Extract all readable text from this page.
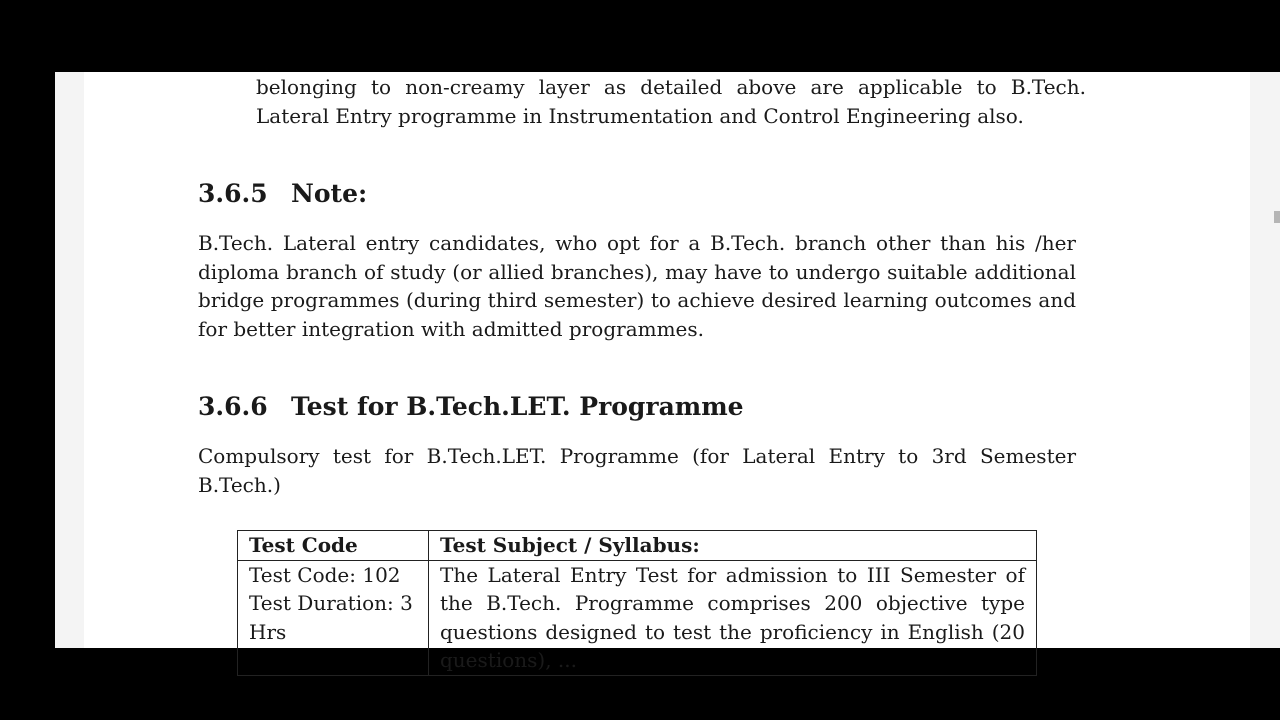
belonging to non-creamy layer as detailed above are applicable to B.Tech. Lateral Entry programme in Instrumentation and Control Engineering also.

3.6.5 Note:

B.Tech. Lateral entry candidates, who opt for a B.Tech. branch other than his /her diploma branch of study (or allied branches), may have to undergo suitable additional bridge programmes (during third semester) to achieve desired learning outcomes and for better integration with admitted programmes.

3.6.6 Test for B.Tech.LET. Programme

Compulsory test for B.Tech.LET. Programme (for Lateral Entry to 3rd Semester B.Tech.)

Test Code	Test Subject / Syllabus:
Test Code: 102 Test Duration: 3 Hrs	The Lateral Entry Test for admission to III Semester of the B.Tech. Programme comprises 200 objective type questions designed to test the proficiency in English (20 questions), ...
